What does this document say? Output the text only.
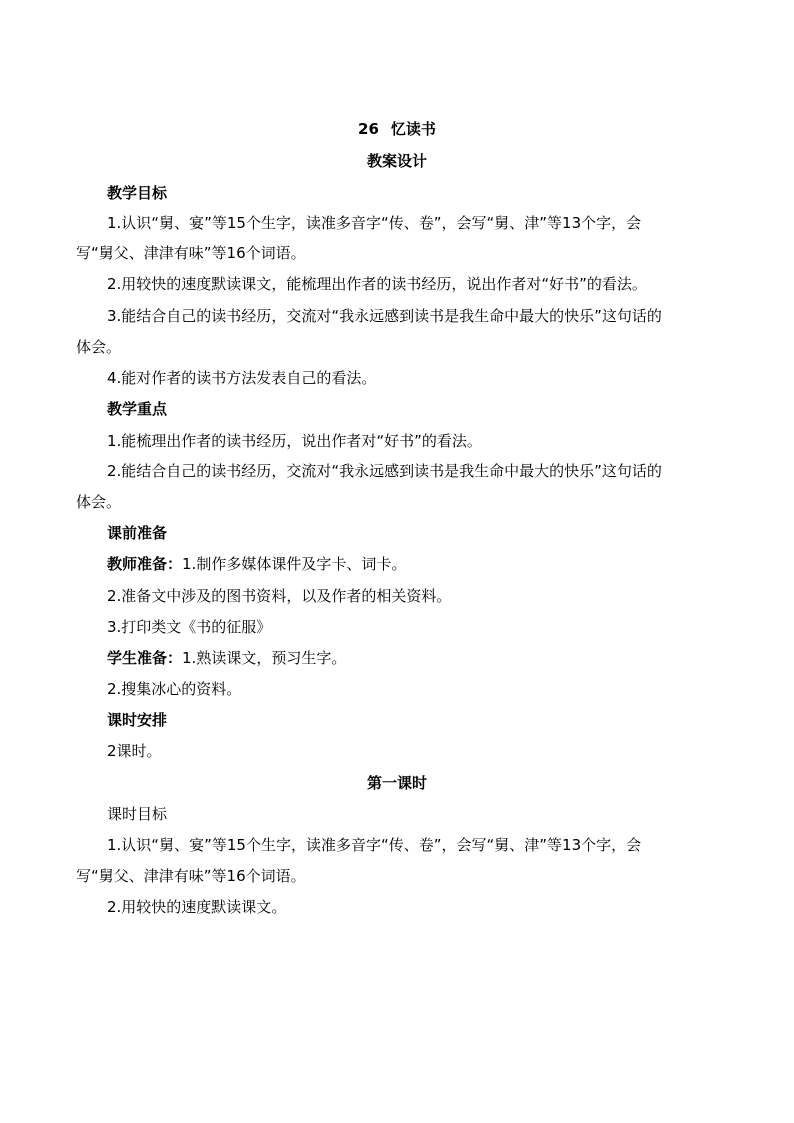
26 忆读书
教案设计
教学目标
1.认识“舅、宴”等15个生字，读准多音字“传、卷”，会写“舅、津”等13个字，会
写“舅父、津津有味”等16个词语。
2.用较快的速度默读课文，能梳理出作者的读书经历，说出作者对“好书”的看法。
3.能结合自己的读书经历，交流对“我永远感到读书是我生命中最大的快乐”这句话的
体会。
4.能对作者的读书方法发表自己的看法。
教学重点
1.能梳理出作者的读书经历，说出作者对“好书”的看法。
2.能结合自己的读书经历，交流对“我永远感到读书是我生命中最大的快乐”这句话的
体会。
课前准备
教师准备：1.制作多媒体课件及字卡、词卡。
2.准备文中涉及的图书资料，以及作者的相关资料。
3.打印类文《书的征服》
学生准备：1.熟读课文，预习生字。
2.搜集冰心的资料。
课时安排
2课时。
第一课时
课时目标
1.认识“舅、宴”等15个生字，读准多音字“传、卷”，会写“舅、津”等13个字，会
写“舅父、津津有味”等16个词语。
2.用较快的速度默读课文。
